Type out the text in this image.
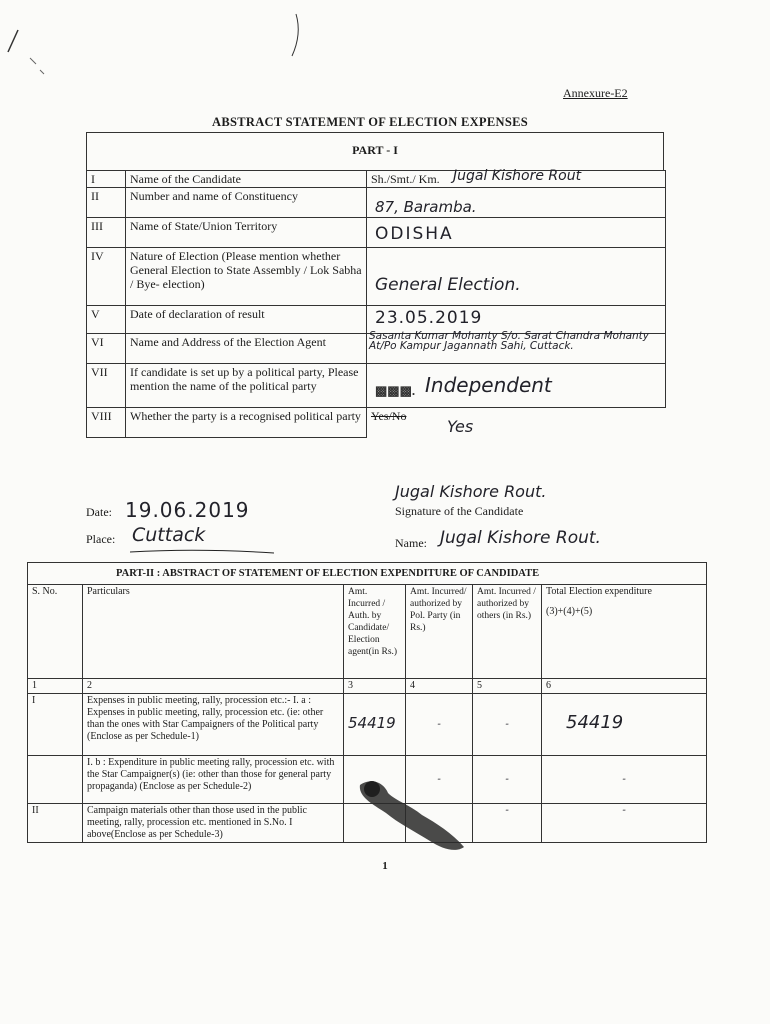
Annexure-E2
ABSTRACT STATEMENT OF ELECTION EXPENSES
PART - I
I	Name of the Candidate	Sh./Smt./ Km. Jugal Kishore Rout

II	Number and name of Constituency	87, Baramba.

III	Name of State/Union Territory	ODISHA

IV	Nature of Election (Please mention whether General Election to State Assembly / Lok Sabha / Bye- election)	General Election.

V	Date of declaration of result	23.05.2019

VI	Name and Address of the Election Agent	Sasanta Kumar Mohanty S/o. Sarat Chandra Mohanty At/Po Kampur Jagannath Sahi, Cuttack.

VII	If candidate is set up by a political party, Please mention the name of the political party	▩▩▩. Independent

VIII	Whether the party is a recognised political party	Yes/No
Yes
Date: 19.06.2019
Place: Cuttack
Jugal Kishore Rout.
Signature of the Candidate
Name: Jugal Kishore Rout.
PART-II : ABSTRACT OF STATEMENT OF ELECTION EXPENDITURE OF CANDIDATE					
S. No.	Particulars	Amt. Incurred / Auth. by Candidate/ Election agent(in Rs.)	Amt. Incurred/ authorized by Pol. Party (in Rs.)	Amt. Incurred / authorized by others (in Rs.)	Total Election expenditure
(3)+(4)+(5)

1	2	3	4	5	6
I	Expenses in public meeting, rally, procession etc.:- I. a : Expenses in public meeting, rally, procession etc. (ie: other than the ones with Star Campaigners of the Political party (Enclose as per Schedule-1)	54419	-	-	54419
	I. b : Expenditure in public meeting rally, procession etc. with the Star Campaigner(s) (ie: other than those for general party propaganda) (Enclose as per Schedule-2)		-	-	-
II	Campaign materials other than those used in the public meeting, rally, procession etc. mentioned in S.No. I above(Enclose as per Schedule-3)			-	-
1
